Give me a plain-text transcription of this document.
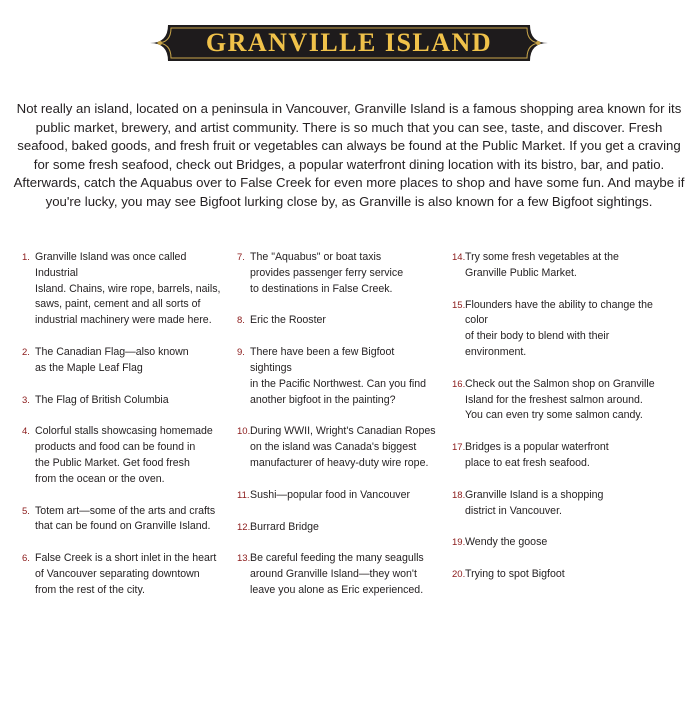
GRANVILLE ISLAND

Not really an island, located on a peninsula in Vancouver, Granville Island is a famous shopping area known for its public market, brewery, and artist community. There is so much that you can see, taste, and discover. Fresh seafood, baked goods, and fresh fruit or vegetables can always be found at the Public Market. If you get a craving for some fresh seafood, check out Bridges, a popular waterfront dining location with its bistro, bar, and patio. Afterwards, catch the Aquabus over to False Creek for even more places to shop and have some fun. And maybe if you're lucky, you may see Bigfoot lurking close by, as Granville is also known for a few Bigfoot sightings.

1. Granville Island was once called Industrial
Island. Chains, wire rope, barrels, nails,
saws, paint, cement and all sorts of
industrial machinery were made here.
2. The Canadian Flag—also known
as the Maple Leaf Flag
3. The Flag of British Columbia
4. Colorful stalls showcasing homemade
products and food can be found in
the Public Market. Get food fresh
from the ocean or the oven.
5. Totem art—some of the arts and crafts
that can be found on Granville Island.
6. False Creek is a short inlet in the heart
of Vancouver separating downtown
from the rest of the city.
7. The "Aquabus" or boat taxis
provides passenger ferry service
to destinations in False Creek.
8. Eric the Rooster
9. There have been a few Bigfoot sightings
in the Pacific Northwest. Can you find
another bigfoot in the painting?
10. During WWII, Wright's Canadian Ropes
on the island was Canada's biggest
manufacturer of heavy-duty wire rope.
11. Sushi—popular food in Vancouver
12. Burrard Bridge
13. Be careful feeding the many seagulls
around Granville Island—they won't
leave you alone as Eric experienced.
14. Try some fresh vegetables at the
Granville Public Market.
15. Flounders have the ability to change the color
of their body to blend with their environment.
16. Check out the Salmon shop on Granville
Island for the freshest salmon around.
You can even try some salmon candy.
17. Bridges is a popular waterfront
place to eat fresh seafood.
18. Granville Island is a shopping
district in Vancouver.
19. Wendy the goose
20. Trying to spot Bigfoot
